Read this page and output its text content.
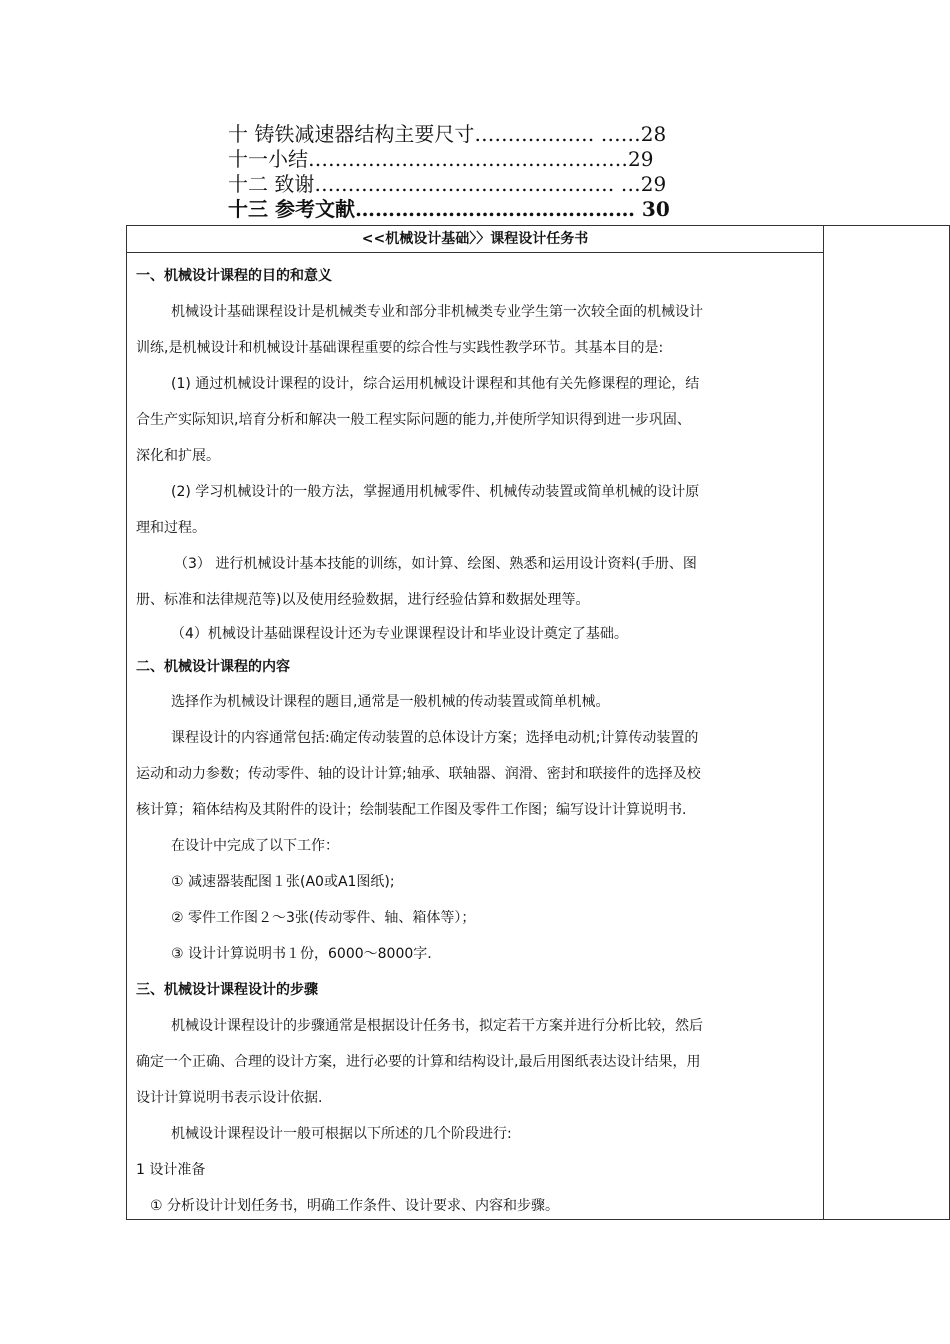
十 铸铁减速器结构主要尺寸……………… ……28
十一小结…………………………………………29
十二 致谢……………………………………… …29
十三 参考文献…………………………………… 30
<<机械设计基础〉〉课程设计任务书
一、机械设计课程的目的和意义
机械设计基础课程设计是机械类专业和部分非机械类专业学生第一次较全面的机械设计
训练,是机械设计和机械设计基础课程重要的综合性与实践性教学环节。其基本目的是:
(1) 通过机械设计课程的设计，综合运用机械设计课程和其他有关先修课程的理论，结
合生产实际知识,培育分析和解决一般工程实际问题的能力,并使所学知识得到进一步巩固、
深化和扩展。
(2) 学习机械设计的一般方法，掌握通用机械零件、机械传动装置或简单机械的设计原
理和过程。
（3） 进行机械设计基本技能的训练，如计算、绘图、熟悉和运用设计资料(手册、图
册、标准和法律规范等)以及使用经验数据，进行经验估算和数据处理等。
（4）机械设计基础课程设计还为专业课课程设计和毕业设计奠定了基础。
二、机械设计课程的内容
选择作为机械设计课程的题目,通常是一般机械的传动装置或简单机械。
课程设计的内容通常包括:确定传动装置的总体设计方案；选择电动机;计算传动装置的
运动和动力参数；传动零件、轴的设计计算;轴承、联轴器、润滑、密封和联接件的选择及校
核计算；箱体结构及其附件的设计；绘制装配工作图及零件工作图；编写设计计算说明书.
在设计中完成了以下工作：
① 减速器装配图１张(A0或A1图纸);
② 零件工作图２～3张(传动零件、轴、箱体等）；
③ 设计计算说明书１份，6000～8000字.
三、机械设计课程设计的步骤
机械设计课程设计的步骤通常是根据设计任务书，拟定若干方案并进行分析比较，然后
确定一个正确、合理的设计方案，进行必要的计算和结构设计,最后用图纸表达设计结果，用
设计计算说明书表示设计依据.
机械设计课程设计一般可根据以下所述的几个阶段进行:
1 设计准备
① 分析设计计划任务书，明确工作条件、设计要求、内容和步骤。
